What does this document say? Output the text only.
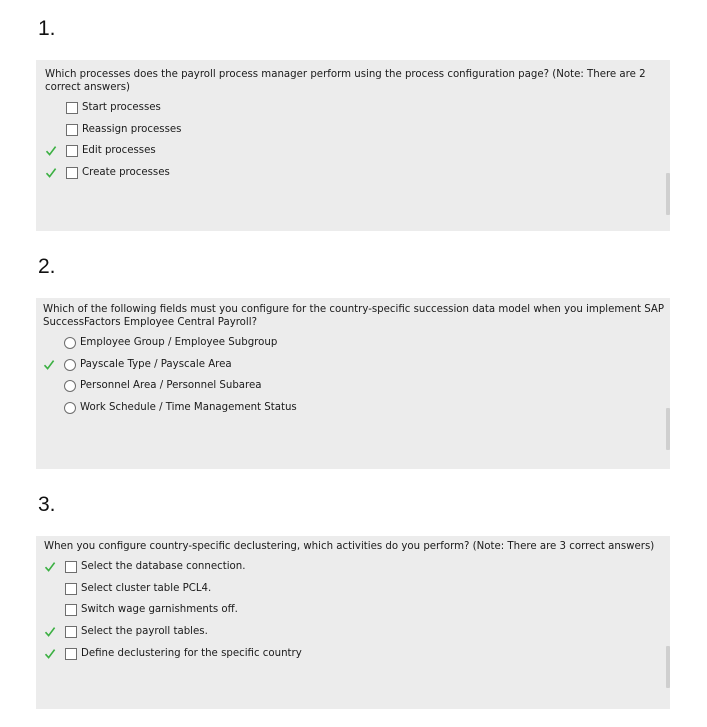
1.
Which processes does the payroll process manager perform using the process configuration page? (Note: There are 2 correct answers)
Start processes
Reassign processes
Edit processes
Create processes
2.
Which of the following fields must you configure for the country-specific succession data model when you implement SAP SuccessFactors Employee Central Payroll?
Employee Group / Employee Subgroup
Payscale Type / Payscale Area
Personnel Area / Personnel Subarea
Work Schedule / Time Management Status
3.
When you configure country-specific declustering, which activities do you perform? (Note: There are 3 correct answers)
Select the database connection.
Select cluster table PCL4.
Switch wage garnishments off.
Select the payroll tables.
Define declustering for the specific country
